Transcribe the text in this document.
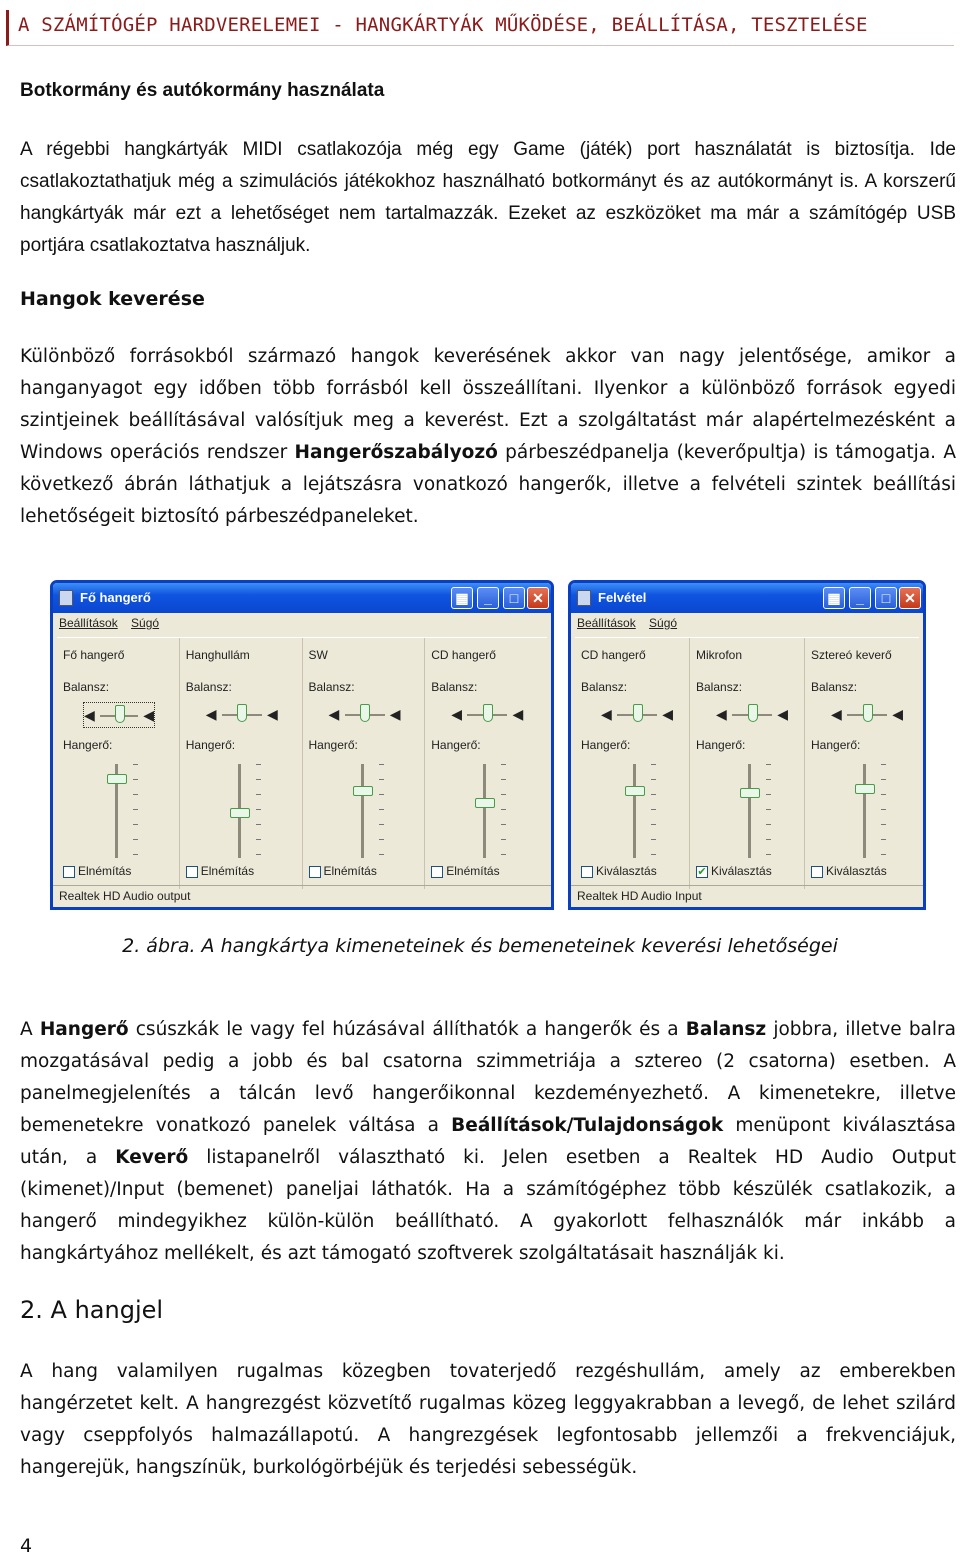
A SZÁMÍTÓGÉP HARDVERELEMEI - HANGKÁRTYÁK MŰKÖDÉSE, BEÁLLÍTÁSA, TESZTELÉSE
Botkormány és autókormány használata
A régebbi hangkártyák MIDI csatlakozója még egy Game (játék) port használatát is biztosítja. Ide csatlakoztathatjuk még a szimulációs játékokhoz használható botkormányt és az autókormányt is. A korszerű hangkártyák már ezt a lehetőséget nem tartalmazzák. Ezeket az eszközöket ma már a számítógép USB portjára csatlakoztatva használjuk.
Hangok keverése
Különböző forrásokból származó hangok keverésének akkor van nagy jelentősége, amikor a hanganyagot egy időben több forrásból kell összeállítani. Ilyenkor a különböző források egyedi szintjeinek beállításával valósítjuk meg a keverést. Ezt a szolgáltatást már alapértelmezésként a Windows operációs rendszer Hangerőszabályozó párbeszédpanelja (keverőpultja) is támogatja. A következő ábrán láthatjuk a lejátszásra vonatkozó hangerők, illetve a felvételi szintek beállítási lehetőségeit biztosító párbeszédpaneleket.
Fő hangerő	▦	_	□ ✕
Beállítások Súgó
Fő hangerő
Balansz:
◀	◀
Hangerő:
Elnémítás
Hanghullám
Balansz:
◀	◀
Hangerő:
Elnémítás
SW
Balansz:
◀	◀
Hangerő:
Elnémítás
CD hangerő
Balansz:
◀	◀
Hangerő:
Elnémítás
Realtek HD Audio output
Felvétel	▦	_	□ ✕
Beállítások Súgó
CD hangerő
Balansz:
◀	◀
Hangerő:
Kiválasztás
Mikrofon
Balansz:
◀	◀
Hangerő:
✔ Kiválasztás
Sztereó keverő
Balansz:
◀	◀
Hangerő:
Kiválasztás
Realtek HD Audio Input
2. ábra. A hangkártya kimeneteinek és bemeneteinek keverési lehetőségei
A Hangerő csúszkák le vagy fel húzásával állíthatók a hangerők és a Balansz jobbra, illetve balra mozgatásával pedig a jobb és bal csatorna szimmetriája a sztereo (2 csatorna) esetben. A panelmegjelenítés a tálcán levő hangerőikonnal kezdeményezhető. A kimenetekre, illetve bemenetekre vonatkozó panelek váltása a Beállítások/Tulajdonságok menüpont kiválasztása után, a Keverő listapanelről választható ki. Jelen esetben a Realtek HD Audio Output (kimenet)/Input (bemenet) paneljai láthatók. Ha a számítógéphez több készülék csatlakozik, a hangerő mindegyikhez külön-külön beállítható. A gyakorlott felhasználók már inkább a hangkártyához mellékelt, és azt támogató szoftverek szolgáltatásait használják ki.
2. A hangjel
A hang valamilyen rugalmas közegben tovaterjedő rezgéshullám, amely az emberekben hangérzetet kelt. A hangrezgést közvetítő rugalmas közeg leggyakrabban a levegő, de lehet szilárd vagy cseppfolyós halmazállapotú. A hangrezgések legfontosabb jellemzői a frekvenciájuk, hangerejük, hangszínük, burkológörbéjük és terjedési sebességük.
4
